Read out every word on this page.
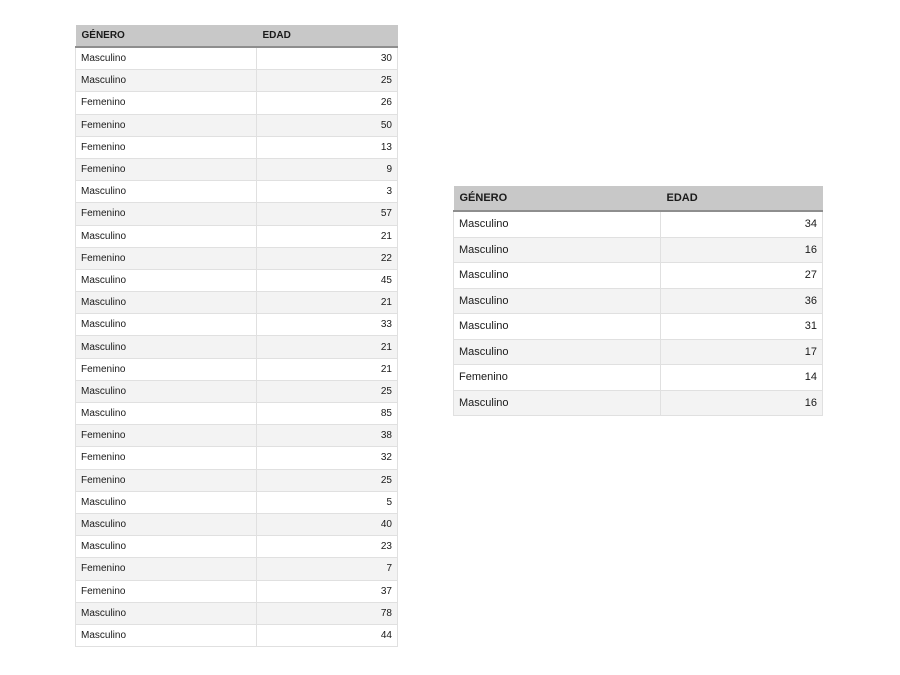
GÉNERO	EDAD
Masculino	30
Masculino	25
Femenino	26
Femenino	50
Femenino	13
Femenino	9
Masculino	3
Femenino	57
Masculino	21
Femenino	22
Masculino	45
Masculino	21
Masculino	33
Masculino	21
Femenino	21
Masculino	25
Masculino	85
Femenino	38
Femenino	32
Femenino	25
Masculino	5
Masculino	40
Masculino	23
Femenino	7
Femenino	37
Masculino	78
Masculino	44
GÉNERO	EDAD
Masculino	34
Masculino	16
Masculino	27
Masculino	36
Masculino	31
Masculino	17
Femenino	14
Masculino	16
